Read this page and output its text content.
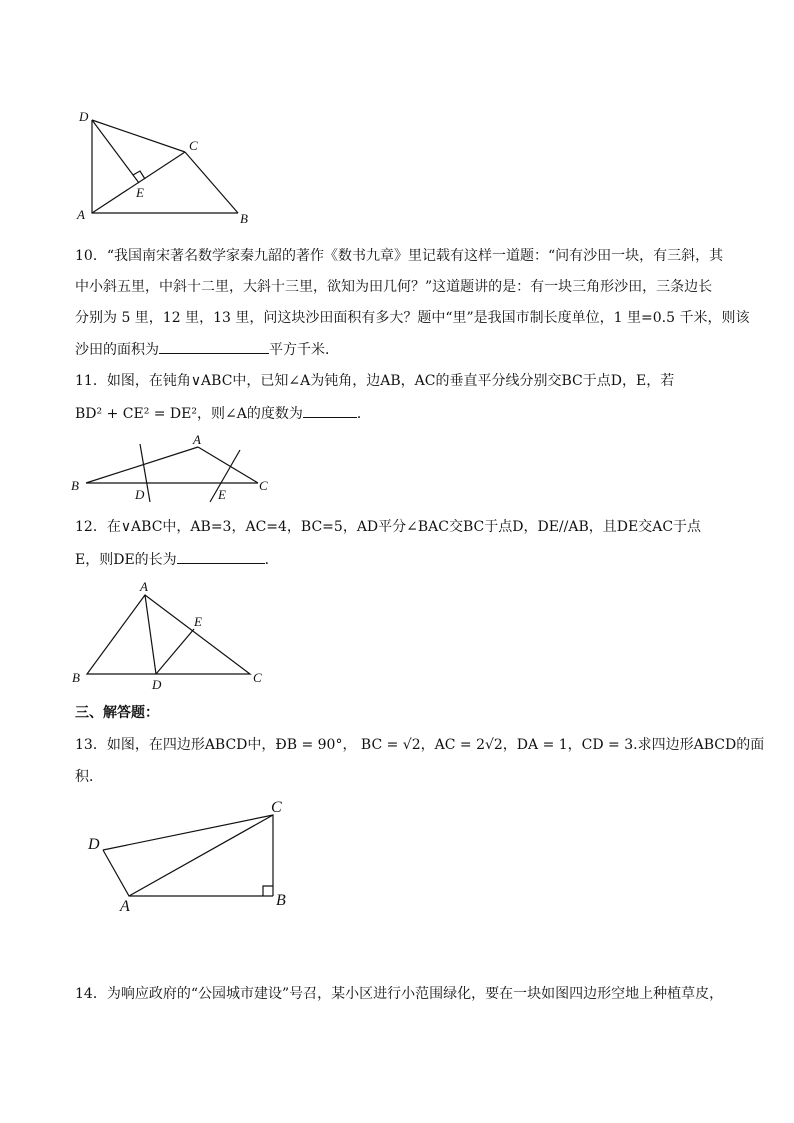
D
C
E
A	B
10．“我国南宋著名数学家秦九韶的著作《数书九章》里记载有这样一道题：“问有沙田一块，有三斜，其
中小斜五里，中斜十二里，大斜十三里，欲知为田几何？”这道题讲的是：有一块三角形沙田，三条边长
分别为 5 里，12 里，13 里，问这块沙田面积有多大？题中“里”是我国市制长度单位，1 里=0.5 千米，则该
沙田的面积为	平方千米．
11．如图，在钝角∨ABC中，已知∠A为钝角，边AB，AC的垂直平分线分别交BC于点D，E，若
BD² + CE² = DE²，则∠A的度数为	．
A
B	C
D	E
12．在∨ABC中，AB=3，AC=4，BC=5，AD平分∠BAC交BC于点D，DE//AB，且DE交AC于点
E，则DE的长为	．
A
B	C
D
E
三、解答题：
13．如图，在四边形ABCD中，ÐB = 90°， BC = √2，AC = 2√2，DA = 1，CD = 3.求四边形ABCD的面
积．
D
C
A	B
14．为响应政府的“公园城市建设”号召，某小区进行小范围绿化，要在一块如图四边形空地上种植草皮，
